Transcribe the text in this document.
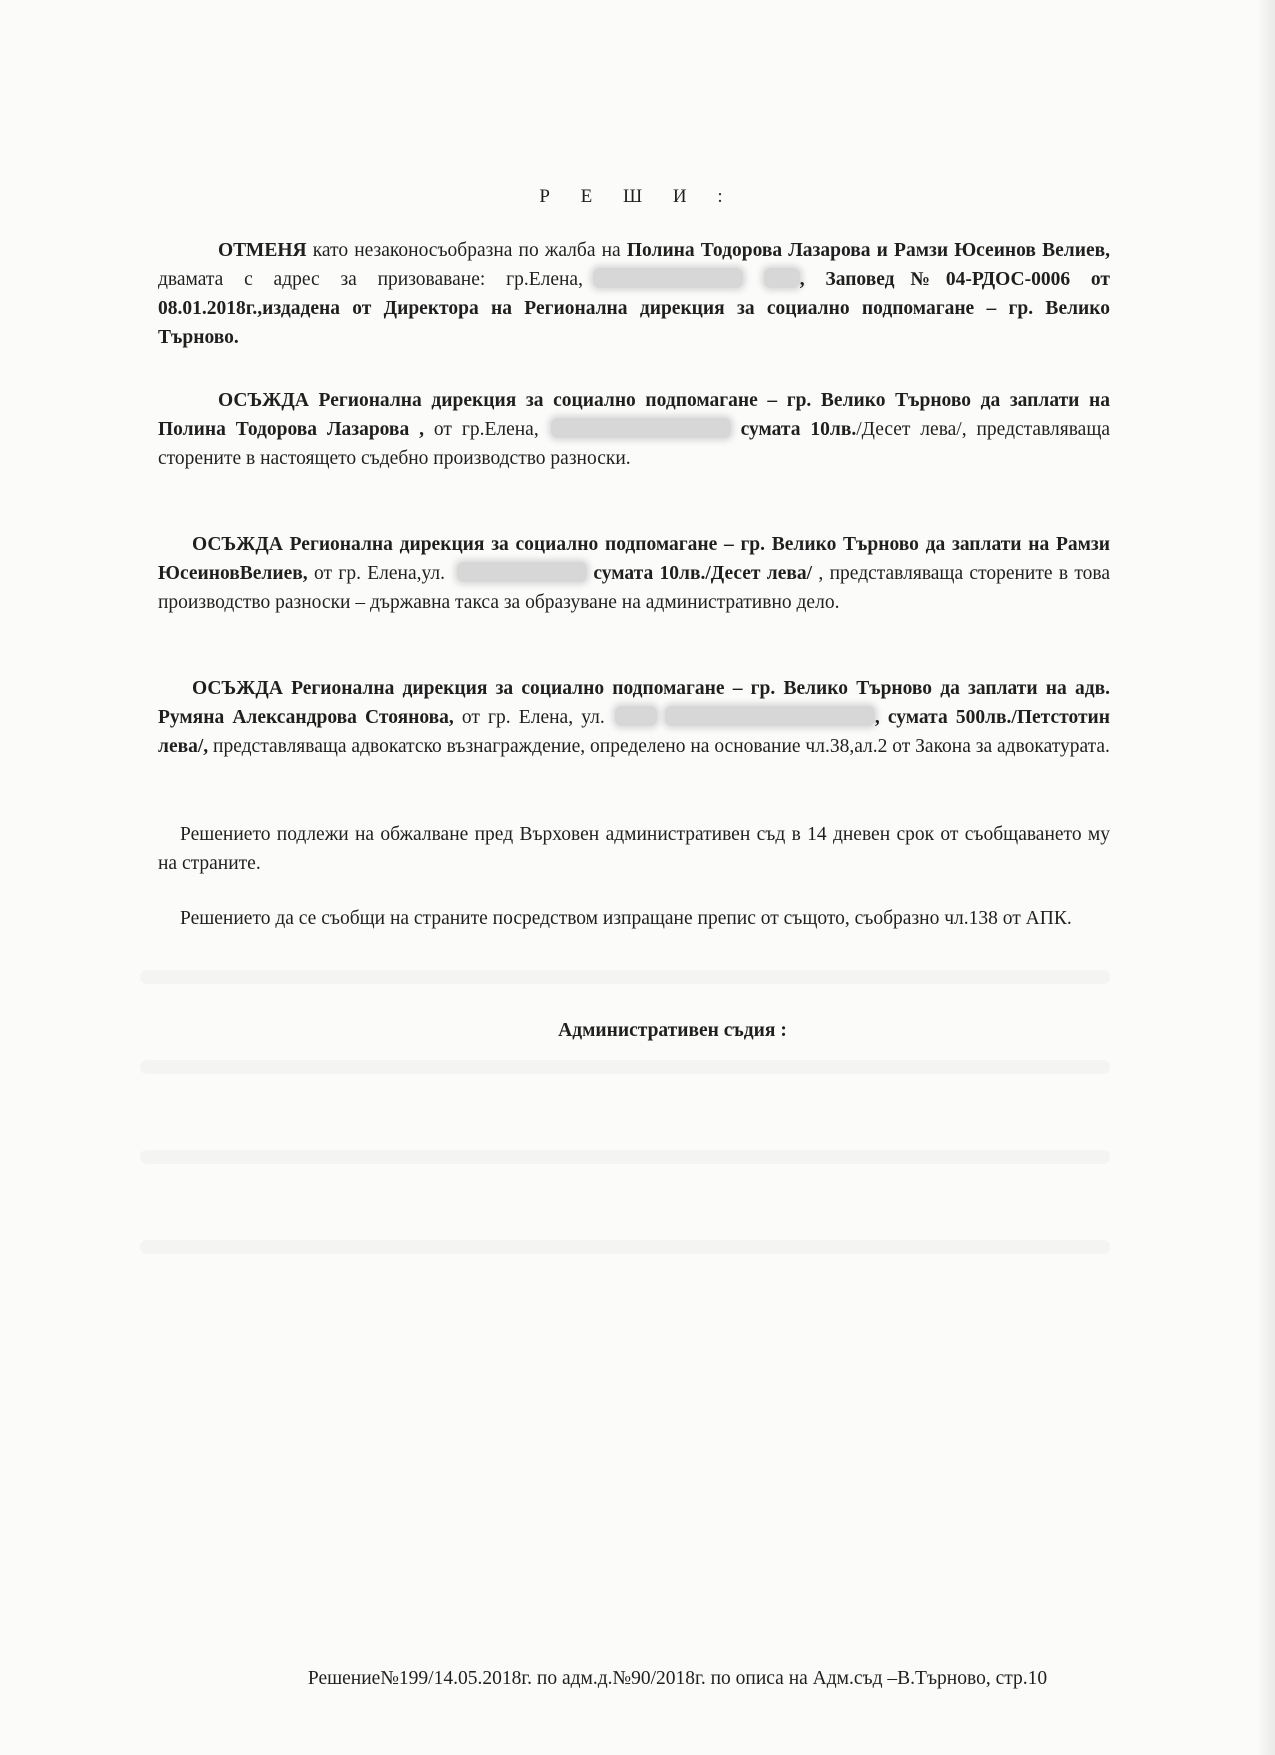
Р Е Ш И :

ОТМЕНЯ като незаконосъобразна по жалба на Полина Тодорова Лазарова и Рамзи Юсеинов Велиев, двамата с адрес за призоваване: гр.Елена,	, Заповед№04-РДОС-0006 от 08.01.2018г.,издадена от Директора на Регионална дирекция за социално подпомагане – гр. Велико Търново.

ОСЪЖДА Регионална дирекция за социално подпомагане – гр. Велико Търново да заплати на Полина Тодорова Лазарова , от гр.Елена,	сумата 10лв./Десет лева/, представляваща сторените в настоящето съдебно производство разноски.

ОСЪЖДА Регионална дирекция за социално подпомагане – гр. Велико Търново да заплати на Рамзи ЮсеиновВелиев, от гр. Елена,ул.	сумата 10лв./Десет лева/ , представляваща сторените в това производство разноски – държавна такса за образуване на административно дело.

ОСЪЖДА Регионална дирекция за социално подпомагане – гр. Велико Търново да заплати на адв. Румяна Александрова Стоянова, от гр. Елена, ул.	, сумата 500лв./Петстотин лева/, представляваща адвокатско възнаграждение, определено на основание чл.38,ал.2 от Закона за адвокатурата.

Решението подлежи на обжалване пред Върховен административен съд в 14 дневен срок от съобщаването му на страните.

Решението да се съобщи на страните посредством изпращане препис от същото, съобразно чл.138 от АПК.

Административен съдия :
Решение№199/14.05.2018г. по адм.д.№90/2018г. по описа на Адм.съд –В.Търново, стр.10
